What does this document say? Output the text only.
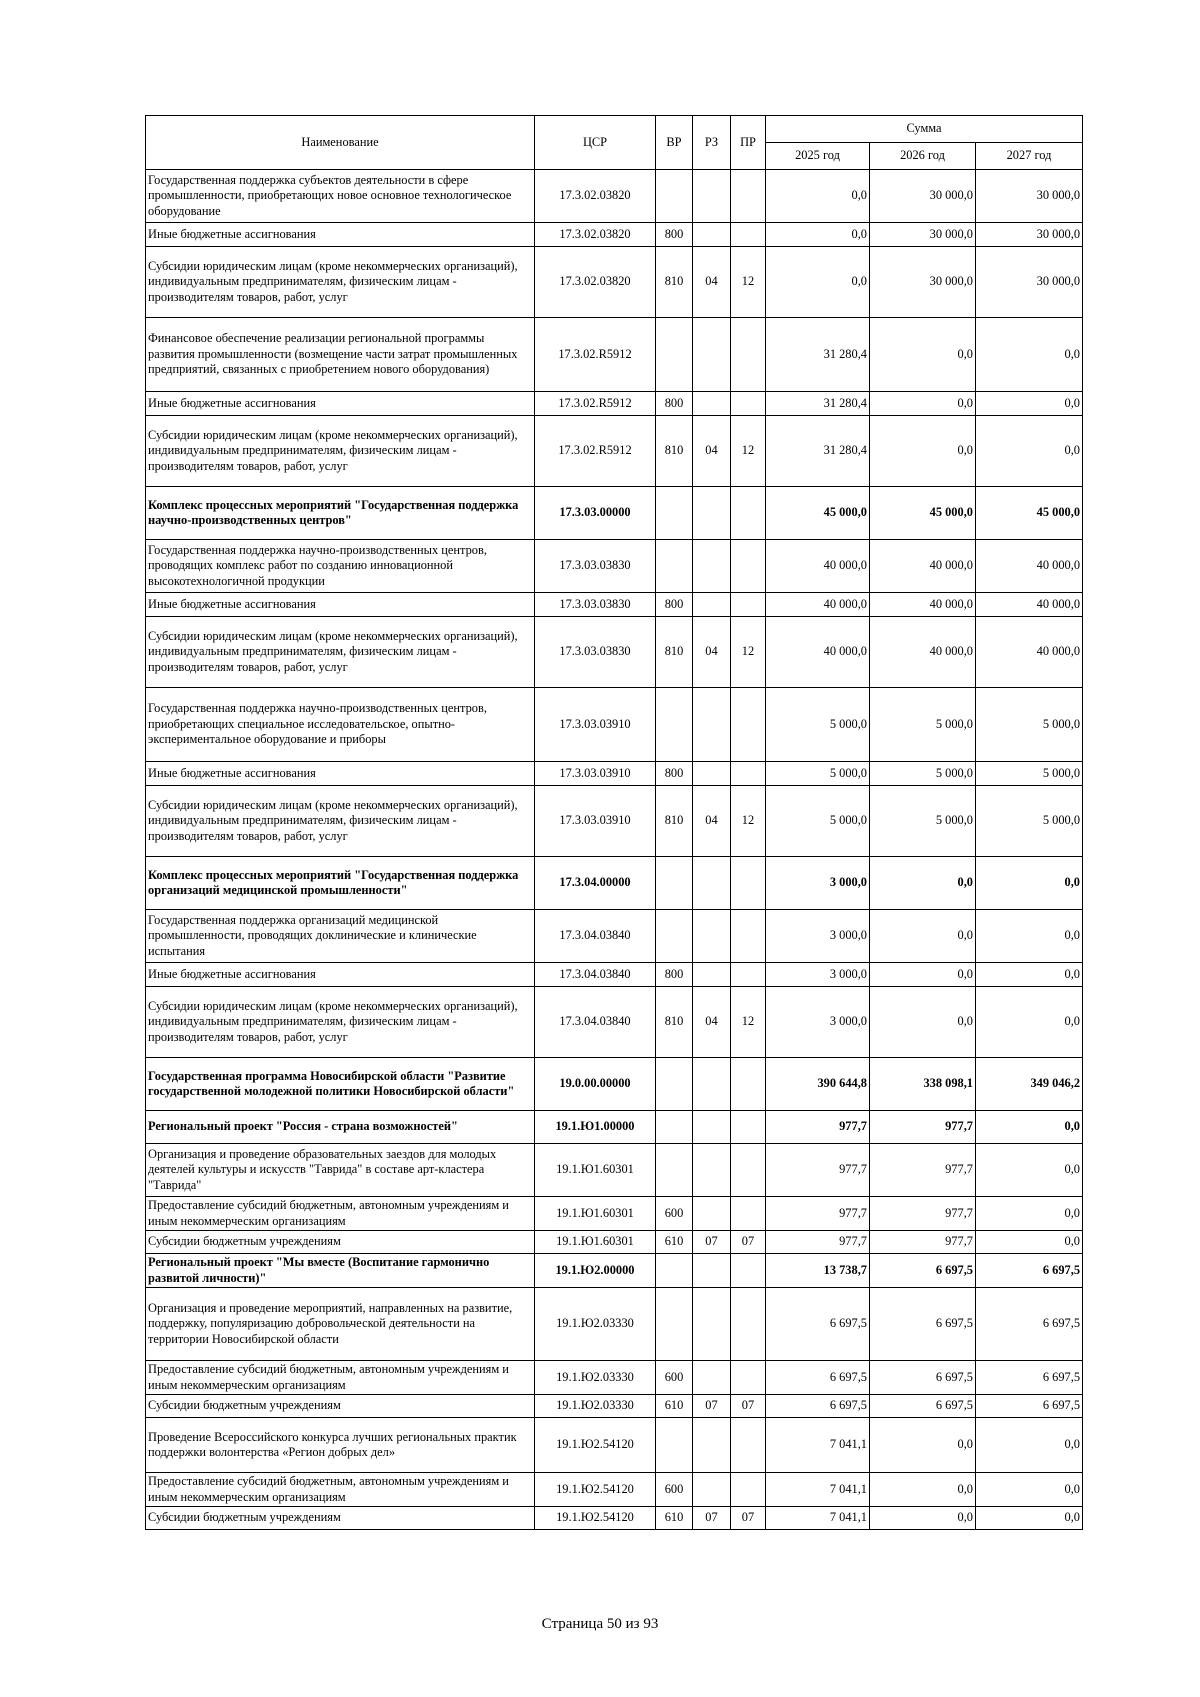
Наименование	ЦСР	ВР	РЗ	ПР	Сумма		
					2025 год	2026 год	2027 год
Государственная поддержка субъектов деятельности в сфере промышленности, приобретающих новое основное технологическое оборудование	17.3.02.03820				0,0	30 000,0	30 000,0
Иные бюджетные ассигнования	17.3.02.03820	800			0,0	30 000,0	30 000,0
Субсидии юридическим лицам (кроме некоммерческих организаций), индивидуальным предпринимателям, физическим лицам - производителям товаров, работ, услуг	17.3.02.03820	810	04	12	0,0	30 000,0	30 000,0
Финансовое обеспечение реализации региональной программы развития промышленности (возмещение части затрат промышленных предприятий, связанных с приобретением нового оборудования)	17.3.02.R5912				31 280,4	0,0	0,0
Иные бюджетные ассигнования	17.3.02.R5912	800			31 280,4	0,0	0,0
Субсидии юридическим лицам (кроме некоммерческих организаций), индивидуальным предпринимателям, физическим лицам - производителям товаров, работ, услуг	17.3.02.R5912	810	04	12	31 280,4	0,0	0,0
Комплекс процессных мероприятий "Государственная поддержка научно-производственных центров"	17.3.03.00000				45 000,0	45 000,0	45 000,0
Государственная поддержка научно-производственных центров, проводящих комплекс работ по созданию инновационной высокотехнологичной продукции	17.3.03.03830				40 000,0	40 000,0	40 000,0
Иные бюджетные ассигнования	17.3.03.03830	800			40 000,0	40 000,0	40 000,0
Субсидии юридическим лицам (кроме некоммерческих организаций), индивидуальным предпринимателям, физическим лицам - производителям товаров, работ, услуг	17.3.03.03830	810	04	12	40 000,0	40 000,0	40 000,0
Государственная поддержка научно-производственных центров, приобретающих специальное исследовательское, опытно-экспериментальное оборудование и приборы	17.3.03.03910				5 000,0	5 000,0	5 000,0
Иные бюджетные ассигнования	17.3.03.03910	800			5 000,0	5 000,0	5 000,0
Субсидии юридическим лицам (кроме некоммерческих организаций), индивидуальным предпринимателям, физическим лицам - производителям товаров, работ, услуг	17.3.03.03910	810	04	12	5 000,0	5 000,0	5 000,0
Комплекс процессных мероприятий "Государственная поддержка организаций медицинской промышленности"	17.3.04.00000				3 000,0	0,0	0,0
Государственная поддержка организаций медицинской промышленности, проводящих доклинические и клинические испытания	17.3.04.03840				3 000,0	0,0	0,0
Иные бюджетные ассигнования	17.3.04.03840	800			3 000,0	0,0	0,0
Субсидии юридическим лицам (кроме некоммерческих организаций), индивидуальным предпринимателям, физическим лицам - производителям товаров, работ, услуг	17.3.04.03840	810	04	12	3 000,0	0,0	0,0
Государственная программа Новосибирской области "Развитие государственной молодежной политики Новосибирской области"	19.0.00.00000				390 644,8	338 098,1	349 046,2
Региональный проект "Россия - страна возможностей"	19.1.Ю1.00000				977,7	977,7	0,0
Организация и проведение образовательных заездов для молодых деятелей культуры и искусств "Таврида" в составе арт-кластера "Таврида"	19.1.Ю1.60301				977,7	977,7	0,0
Предоставление субсидий бюджетным, автономным учреждениям и иным некоммерческим организациям	19.1.Ю1.60301	600			977,7	977,7	0,0
Субсидии бюджетным учреждениям	19.1.Ю1.60301	610	07	07	977,7	977,7	0,0
Региональный проект "Мы вместе (Воспитание гармонично развитой личности)"	19.1.Ю2.00000				13 738,7	6 697,5	6 697,5
Организация и проведение мероприятий, направленных на развитие, поддержку, популяризацию добровольческой деятельности на территории Новосибирской области	19.1.Ю2.03330				6 697,5	6 697,5	6 697,5
Предоставление субсидий бюджетным, автономным учреждениям и иным некоммерческим организациям	19.1.Ю2.03330	600			6 697,5	6 697,5	6 697,5
Субсидии бюджетным учреждениям	19.1.Ю2.03330	610	07	07	6 697,5	6 697,5	6 697,5
Проведение Всероссийского конкурса лучших региональных практик поддержки волонтерства «Регион добрых дел»	19.1.Ю2.54120				7 041,1	0,0	0,0
Предоставление субсидий бюджетным, автономным учреждениям и иным некоммерческим организациям	19.1.Ю2.54120	600			7 041,1	0,0	0,0
Субсидии бюджетным учреждениям	19.1.Ю2.54120	610	07	07	7 041,1	0,0	0,0
Страница 50 из 93
